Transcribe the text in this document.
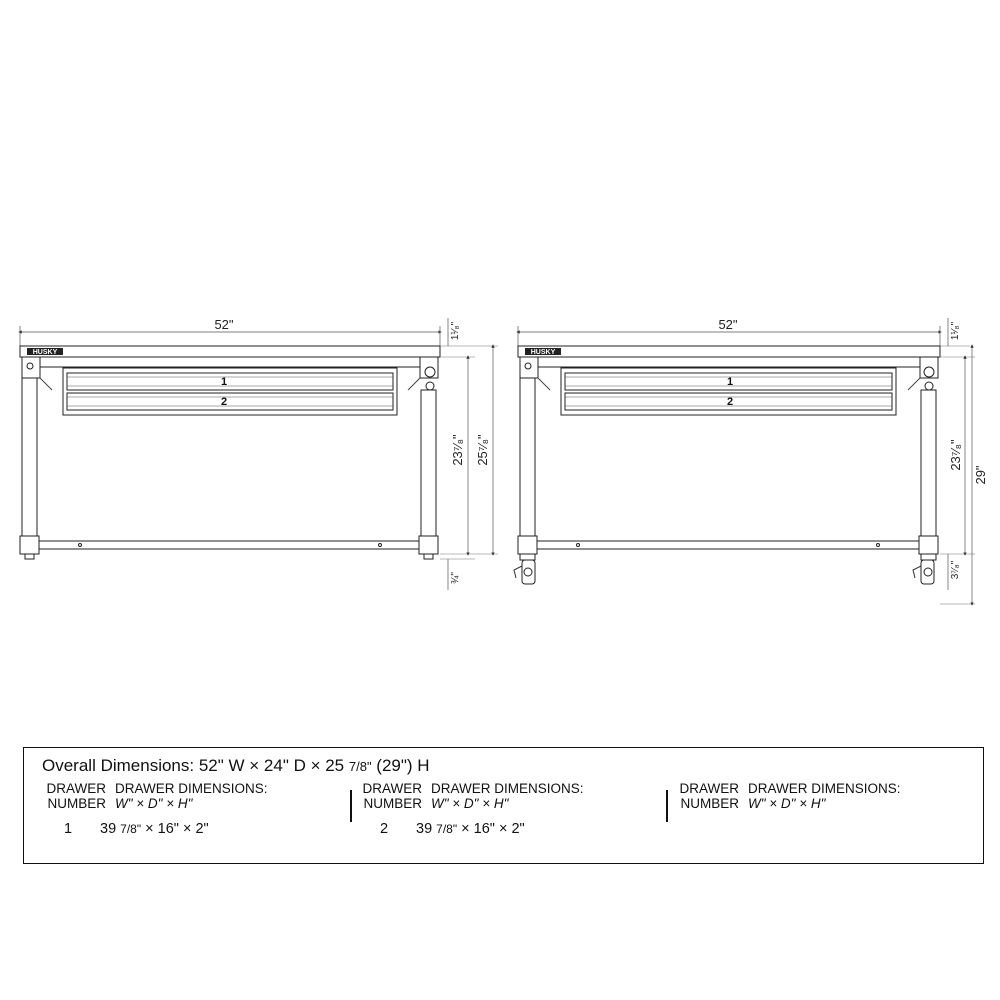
52"
HUSKY
1
2
1¹⁄₈"
23⁷⁄₈" 25⁷⁄₈"
¾"
52"
HUSKY
1
2
1¹⁄₈"
23⁷⁄₈"
29"
3⁷⁄₈"
Overall Dimensions: 52" W × 24" D × 25 7/8" (29") H
DRAWER DRAWER DIMENSIONS:
NUMBER W" × D" × H"
1	39 7/8" × 16" × 2"
DRAWER DRAWER DIMENSIONS:
NUMBER W" × D" × H"
2	39 7/8" × 16" × 2"
DRAWER DRAWER DIMENSIONS:
NUMBER W" × D" × H"
